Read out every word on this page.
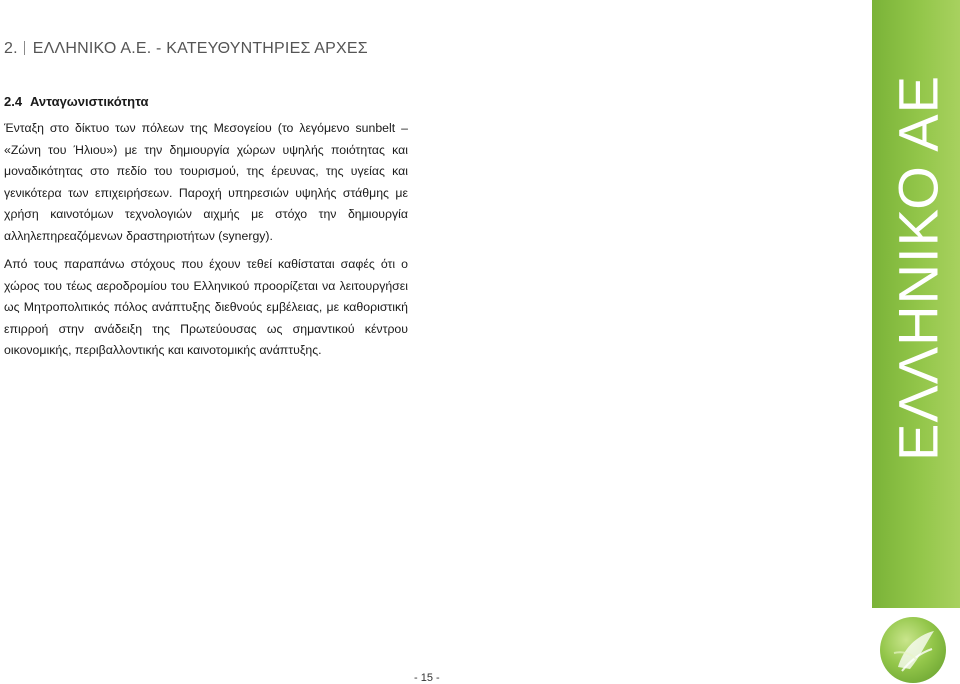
2. ΕΛΛΗΝΙΚΟ Α.Ε. - ΚΑΤΕΥΘΥΝΤΗΡΙΕΣ ΑΡΧΕΣ
2.4 Ανταγωνιστικότητα

Ένταξη στο δίκτυο των πόλεων της Μεσογείου (το λεγόμενο sunbelt – «Ζώνη του Ήλιου») με την δημιουργία χώρων υψηλής ποιότητας και μοναδικότητας στο πεδίο του τουρισμού, της έρευνας, της υγείας και γενικότερα των επιχειρήσεων. Παροχή υπηρεσιών υψηλής στάθμης με χρήση καινοτόμων τεχνολογιών αιχμής με στόχο την δημιουργία αλληλεπηρεαζόμενων δραστηριοτήτων (synergy).

Από τους παραπάνω στόχους που έχουν τεθεί καθίσταται σαφές ότι ο χώρος του τέως αεροδρομίου του Ελληνικού προορίζεται να λειτουργήσει ως Μητροπολιτικός πόλος ανάπτυξης διεθνούς εμβέλειας, με καθοριστική επιρροή στην ανάδειξη της Πρωτεύουσας ως σημαντικού κέντρου οικονομικής, περιβαλλοντικής και καινοτομικής ανάπτυξης.	ΕΛΛΗΝΙΚΟ ΑΕ
- 15 -
